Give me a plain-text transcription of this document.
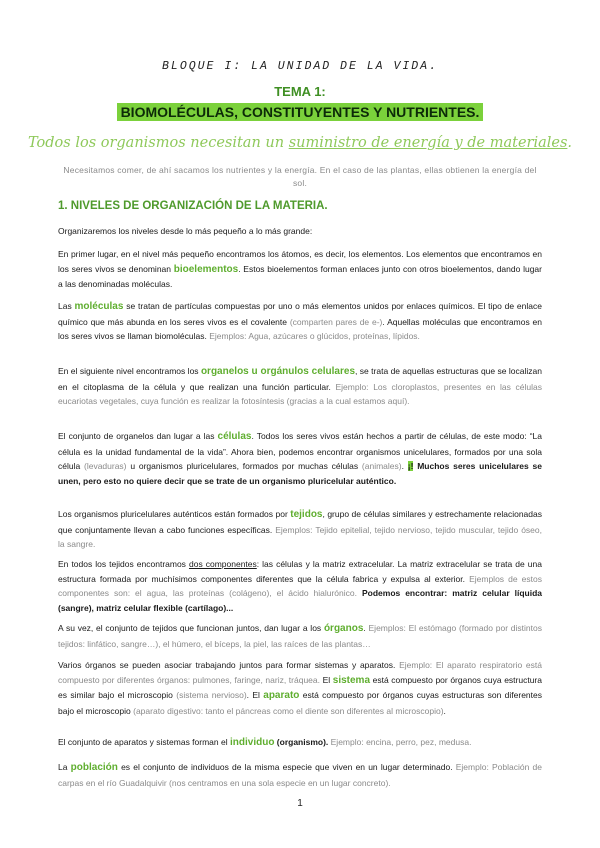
BLOQUE I: LA UNIDAD DE LA VIDA.
TEMA 1:
BIOMOLÉCULAS, CONSTITUYENTES Y NUTRIENTES.
Todos los organismos necesitan un suministro de energía y de materiales.
Necesitamos comer, de ahí sacamos los nutrientes y la energía. En el caso de las plantas, ellas obtienen la energía del sol.
1. NIVELES DE ORGANIZACIÓN DE LA MATERIA.
Organizaremos los niveles desde lo más pequeño a lo más grande:
En primer lugar, en el nivel más pequeño encontramos los átomos, es decir, los elementos. Los elementos que encontramos en los seres vivos se denominan bioelementos. Estos bioelementos forman enlaces junto con otros bioelementos, dando lugar a las denominadas moléculas.
Las moléculas se tratan de partículas compuestas por uno o más elementos unidos por enlaces químicos. El tipo de enlace químico que más abunda en los seres vivos es el covalente (comparten pares de e-). Aquellas moléculas que encontramos en los seres vivos se llaman biomoléculas. Ejemplos: Agua, azúcares o glúcidos, proteínas, lípidos.
En el siguiente nivel encontramos los organelos u orgánulos celulares, se trata de aquellas estructuras que se localizan en el citoplasma de la célula y que realizan una función particular. Ejemplo: Los cloroplastos, presentes en las células eucariotas vegetales, cuya función es realizar la fotosíntesis (gracias a la cual estamos aquí).
El conjunto de organelos dan lugar a las células. Todos los seres vivos están hechos a partir de células, de este modo: “La célula es la unidad fundamental de la vida”. Ahora bien, podemos encontrar organismos unicelulares, formados por una sola célula (levaduras) u organismos pluricelulares, formados por muchas células (animales). ¡! Muchos seres unicelulares se unen, pero esto no quiere decir que se trate de un organismo pluricelular auténtico.
Los organismos pluricelulares auténticos están formados por tejidos, grupo de células similares y estrechamente relacionadas que conjuntamente llevan a cabo funciones específicas. Ejemplos: Tejido epitelial, tejido nervioso, tejido muscular, tejido óseo, la sangre.
En todos los tejidos encontramos dos componentes: las células y la matriz extracelular. La matriz extracelular se trata de una estructura formada por muchísimos componentes diferentes que la célula fabrica y expulsa al exterior. Ejemplos de estos componentes son: el agua, las proteínas (colágeno), el ácido hialurónico. Podemos encontrar: matriz celular líquida (sangre), matriz celular flexible (cartílago)...
A su vez, el conjunto de tejidos que funcionan juntos, dan lugar a los órganos. Ejemplos: El estómago (formado por distintos tejidos: linfático, sangre…), el húmero, el bíceps, la piel, las raíces de las plantas…
Varios órganos se pueden asociar trabajando juntos para formar sistemas y aparatos. Ejemplo: El aparato respiratorio está compuesto por diferentes órganos: pulmones, faringe, nariz, tráquea. El sistema está compuesto por órganos cuya estructura es similar bajo el microscopio (sistema nervioso). El aparato está compuesto por órganos cuyas estructuras son diferentes bajo el microscopio (aparato digestivo: tanto el páncreas como el diente son diferentes al microscopio).
El conjunto de aparatos y sistemas forman el individuo (organismo). Ejemplo: encina, perro, pez, medusa.
La población es el conjunto de individuos de la misma especie que viven en un lugar determinado. Ejemplo: Población de carpas en el río Guadalquivir (nos centramos en una sola especie en un lugar concreto).
1
